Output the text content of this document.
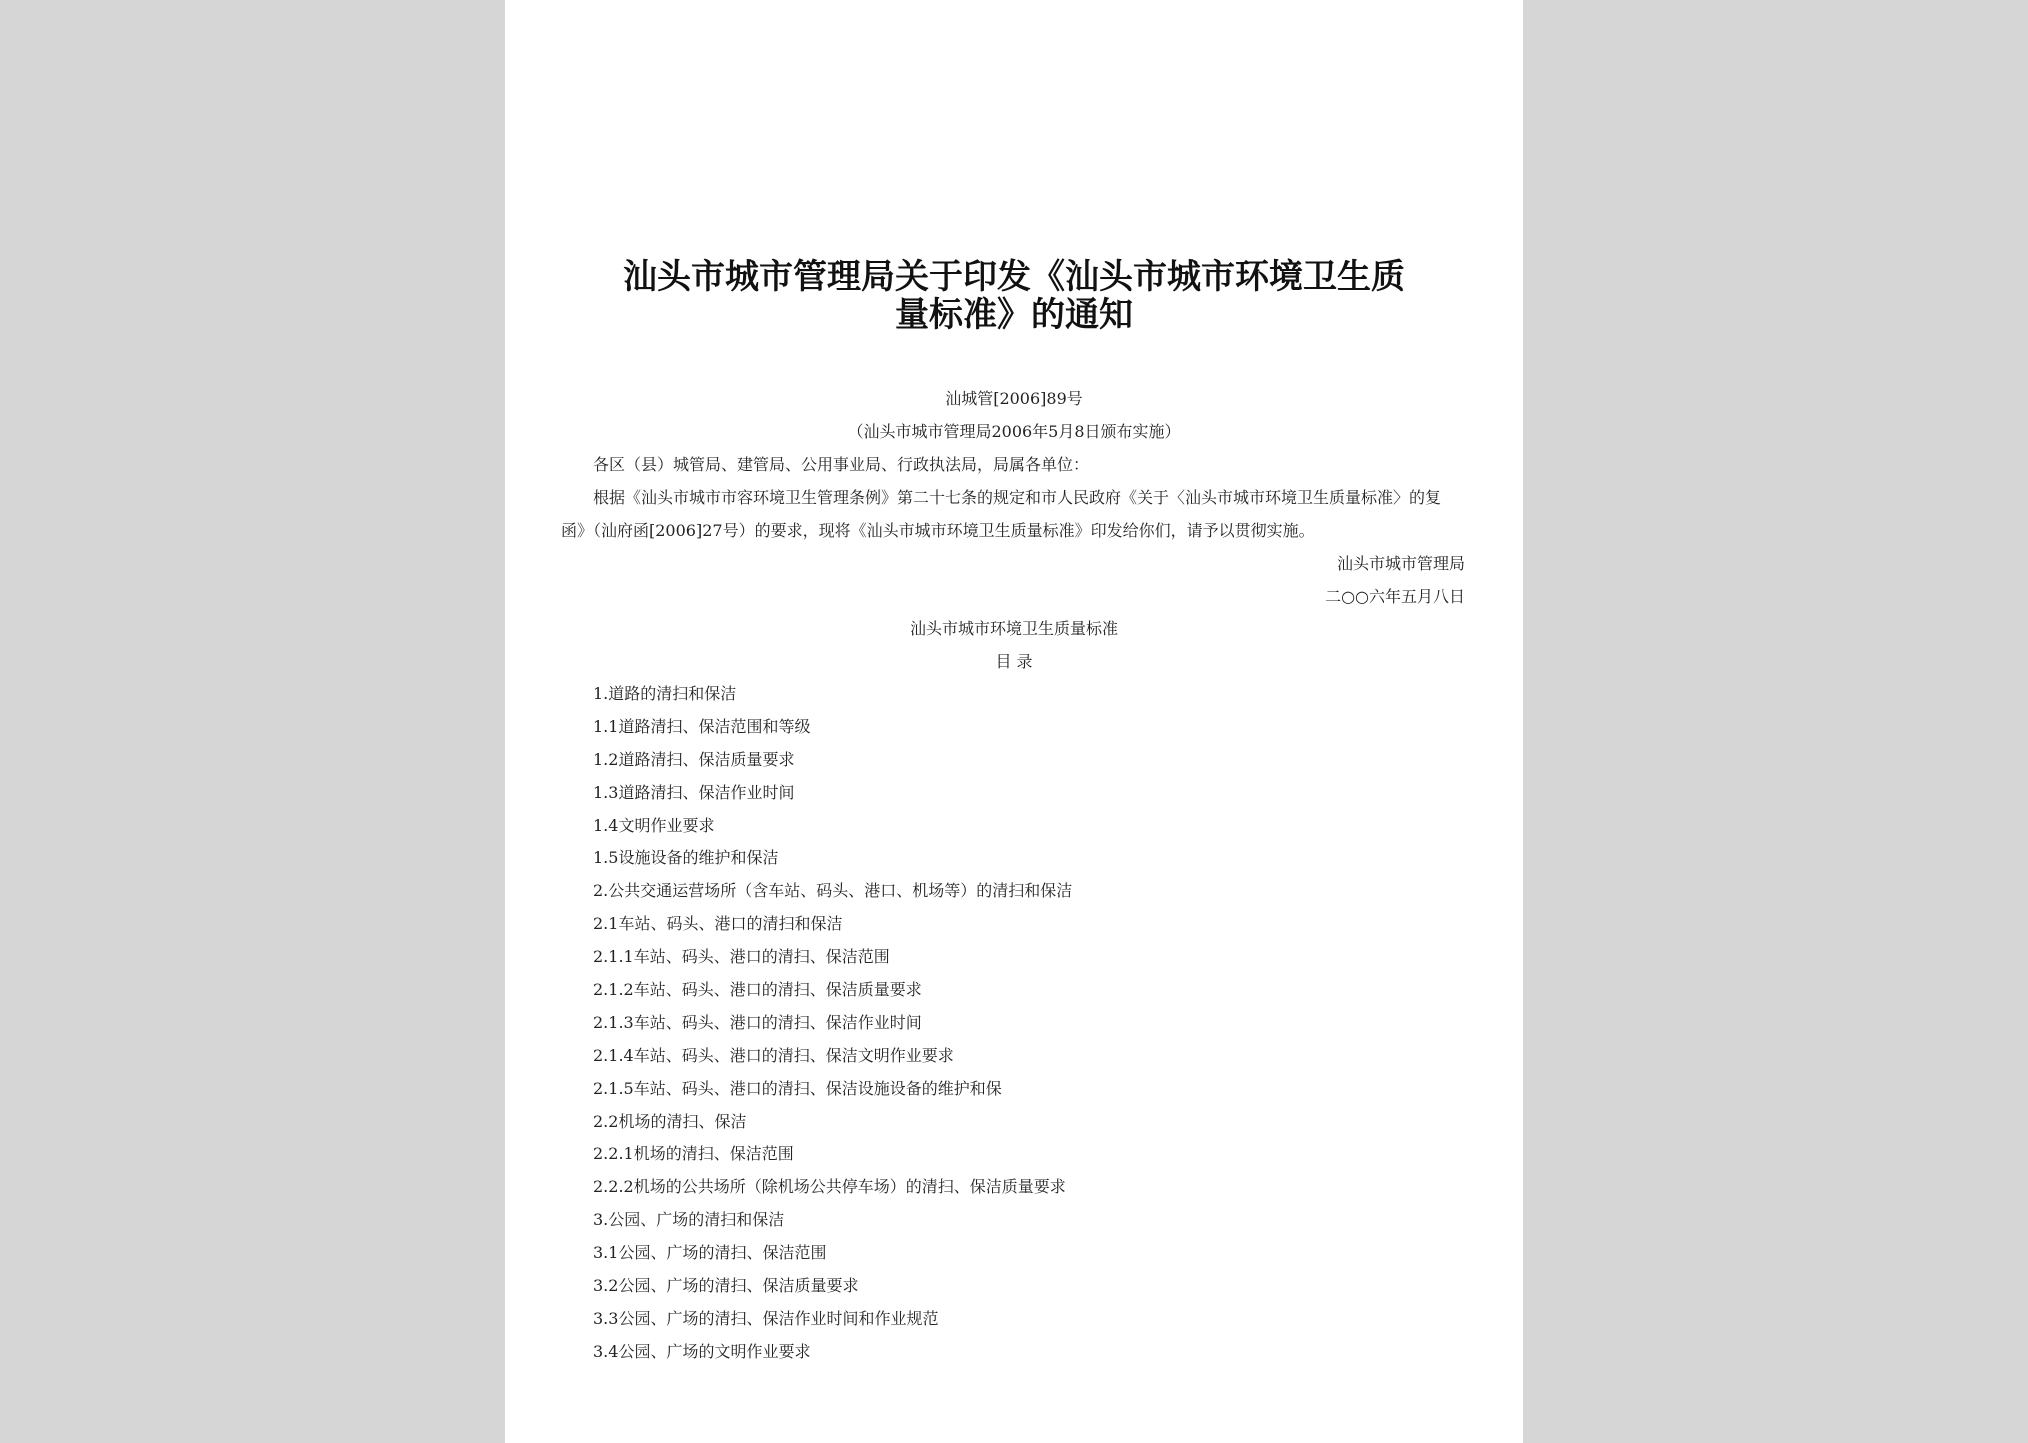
汕头市城市管理局关于印发《汕头市城市环境卫生质
量标准》的通知
汕城管[2006]89号
（汕头市城市管理局2006年5月8日颁布实施）
各区（县）城管局、建管局、公用事业局、行政执法局，局属各单位：
根据《汕头市城市市容环境卫生管理条例》第二十七条的规定和市人民政府《关于〈汕头市城市环境卫生质量标准〉的复
函》（汕府函[2006]27号）的要求，现将《汕头市城市环境卫生质量标准》印发给你们，请予以贯彻实施。
汕头市城市管理局
二○○六年五月八日
汕头市城市环境卫生质量标准
目 录
1.道路的清扫和保洁
1.1道路清扫、保洁范围和等级
1.2道路清扫、保洁质量要求
1.3道路清扫、保洁作业时间
1.4文明作业要求
1.5设施设备的维护和保洁
2.公共交通运营场所（含车站、码头、港口、机场等）的清扫和保洁
2.1车站、码头、港口的清扫和保洁
2.1.1车站、码头、港口的清扫、保洁范围
2.1.2车站、码头、港口的清扫、保洁质量要求
2.1.3车站、码头、港口的清扫、保洁作业时间
2.1.4车站、码头、港口的清扫、保洁文明作业要求
2.1.5车站、码头、港口的清扫、保洁设施设备的维护和保
2.2机场的清扫、保洁
2.2.1机场的清扫、保洁范围
2.2.2机场的公共场所（除机场公共停车场）的清扫、保洁质量要求
3.公园、广场的清扫和保洁
3.1公园、广场的清扫、保洁范围
3.2公园、广场的清扫、保洁质量要求
3.3公园、广场的清扫、保洁作业时间和作业规范
3.4公园、广场的文明作业要求
